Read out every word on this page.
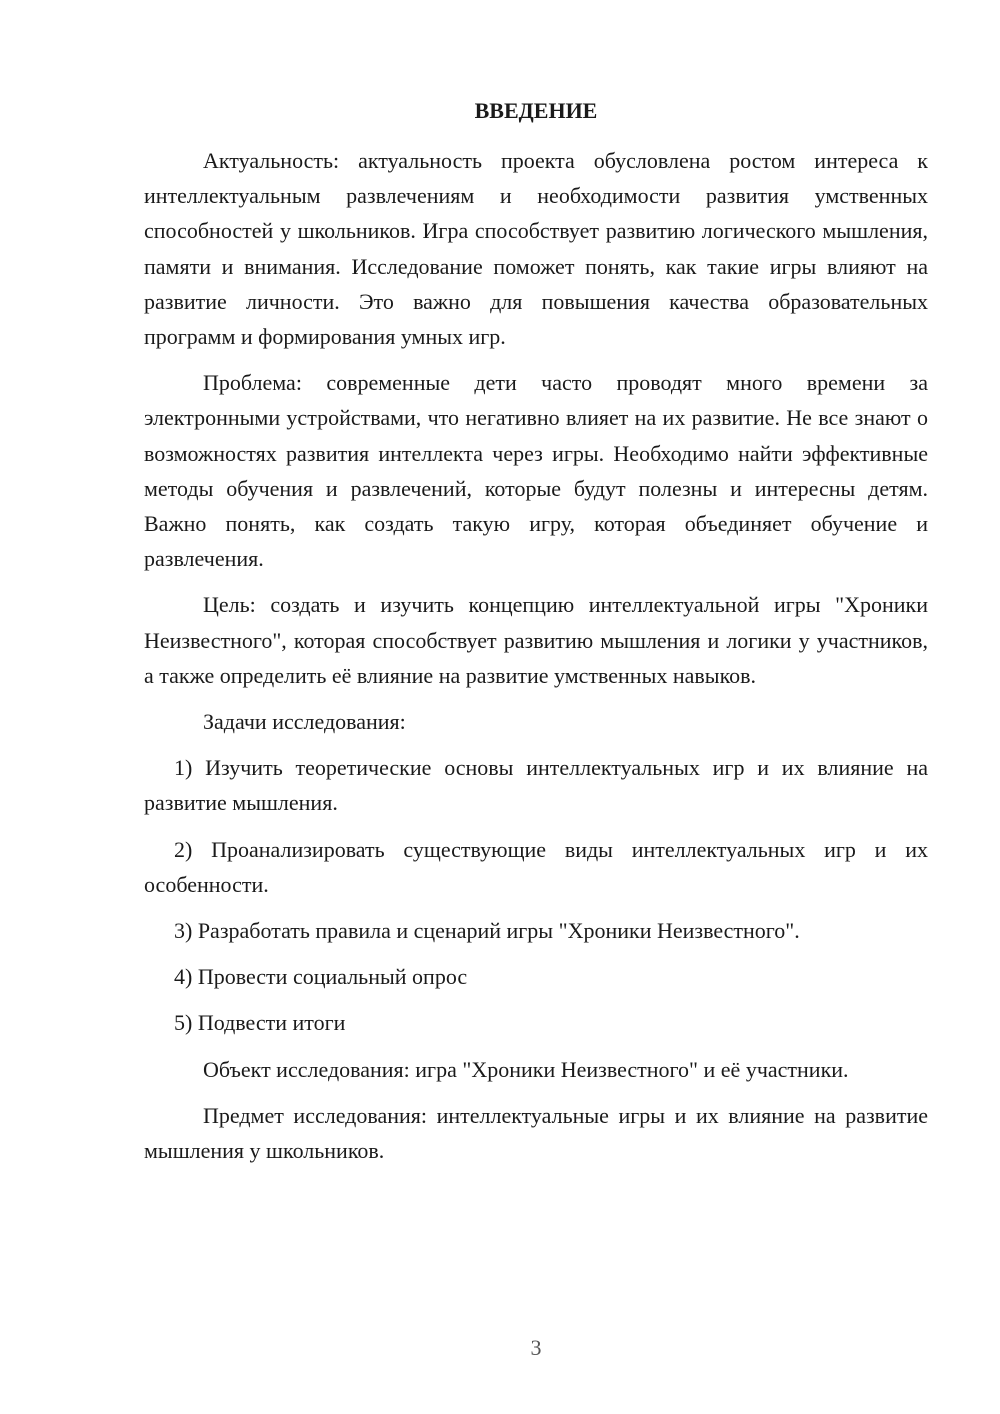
ВВЕДЕНИЕ

Актуальность: актуальность проекта обусловлена ростом интереса к интеллектуальным развлечениям и необходимости развития умственных способностей у школьников. Игра способствует развитию логического мышления, памяти и внимания. Исследование поможет понять, как такие игры влияют на развитие личности. Это важно для повышения качества образовательных программ и формирования умных игр.

Проблема: современные дети часто проводят много времени за электронными устройствами, что негативно влияет на их развитие. Не все знают о возможностях развития интеллекта через игры. Необходимо найти эффективные методы обучения и развлечений, которые будут полезны и интересны детям. Важно понять, как создать такую игру, которая объединяет обучение и развлечения.

Цель: создать и изучить концепцию интеллектуальной игры "Хроники Неизвестного", которая способствует развитию мышления и логики у участников, а также определить её влияние на развитие умственных навыков.

Задачи исследования:

1) Изучить теоретические основы интеллектуальных игр и их влияние на развитие мышления.

2) Проанализировать существующие виды интеллектуальных игр и их особенности.

3) Разработать правила и сценарий игры "Хроники Неизвестного".

4) Провести социальный опрос

5) Подвести итоги

Объект исследования: игра "Хроники Неизвестного" и её участники.

Предмет исследования: интеллектуальные игры и их влияние на развитие мышления у школьников.

3
